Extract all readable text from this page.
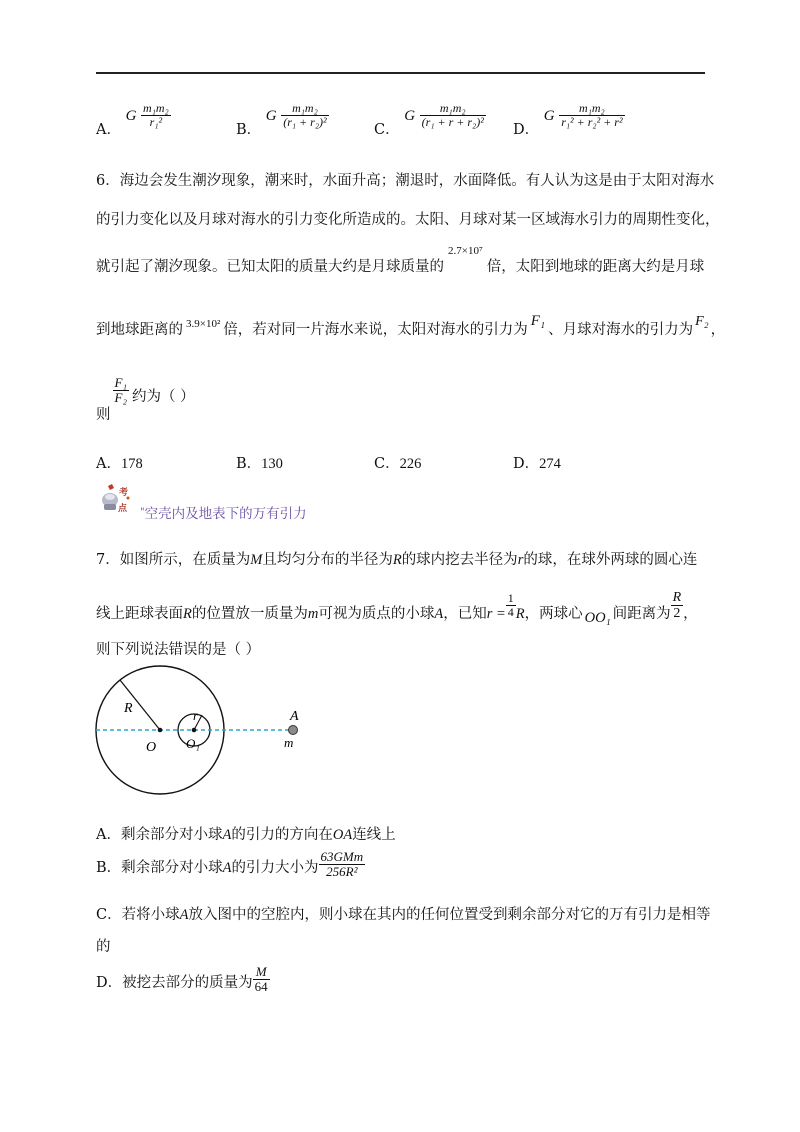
A． G $\frac{\text{m₁m₂}}{\text{r₁²}}$
B． G $\frac{\text{m₁m₂}}{\text{(r₁ + r₂)²}}$
C． G $\frac{\text{m₁m₂}}{\text{(r₁ + r + r₂)²}}$
D． G $\frac{\text{m₁m₂}}{\text{r₁² + r₂² + r²}}$
6．海边会发生潮汐现象，潮来时，水面升高；潮退时，水面降低。有人认为这是由于太阳对海水
的引力变化以及月球对海水的引力变化所造成的。太阳、月球对某一区域海水引力的周期性变化，
就引起了潮汐现象。已知太阳的质量大约是月球质量的$^{2.7\times 10^7}$倍，太阳到地球的距离大约是月球
到地球距离的 $^{3.9\times 10^2}$ 倍，若对同一片海水来说，太阳对海水的引力为F₁、月球对海水的引力为F₂，
则
$\frac{\text{F₁}}{\text{F₂}}$ 约为（ ）
A．178	B．130	C．226	D．274
考
点 "空壳内及地表下的万有引力
7．如图所示，在质量为M且均匀分布的半径为R的球内挖去半径为r的球，在球外两球的圆心连
线上距球表面R的位置放一质量为m可视为质点的小球A，已知$r = \frac{1}{4}$ R，两球心 OO₁ 间距离为 $\frac{R}{2}$ ，
则下列说法错误的是（ ）
R	r
O O₁
A
m
A．剩余部分对小球A的引力的方向在OA连线上
B．剩余部分对小球A的引力大小为 $\frac{\text{63GMm}}{\text{256R²}}$
C．若将小球A放入图中的空腔内，则小球在其内的任何位置受到剩余部分对它的万有引力是相等
的
D．被挖去部分的质量为 $\frac{M}{64}$
